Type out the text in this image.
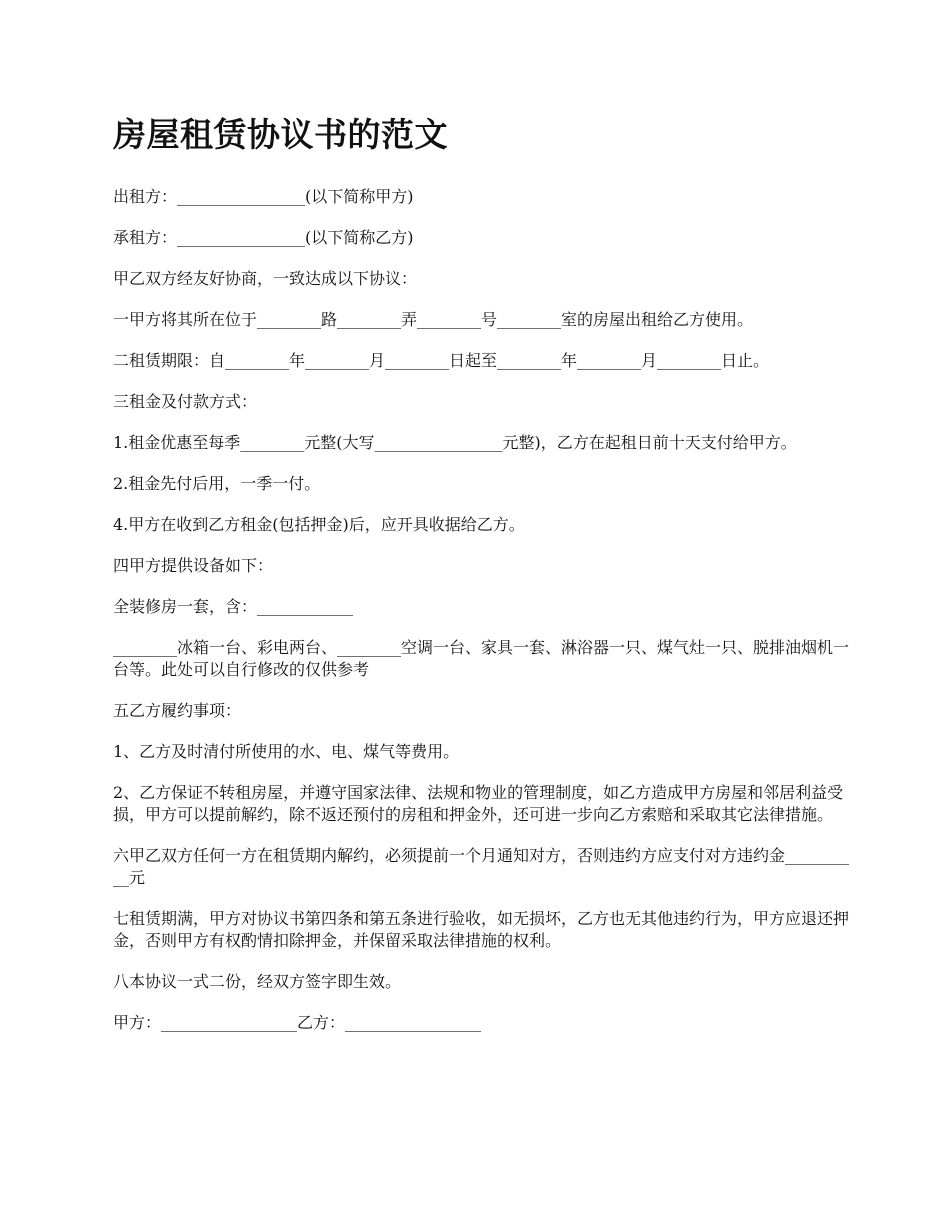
房屋租赁协议书的范文

出租方：________________(以下简称甲方)

承租方：________________(以下简称乙方)

甲乙双方经友好协商，一致达成以下协议：

一甲方将其所在位于________路________弄________号________室的房屋出租给乙方使用。

二租赁期限：自________年________月________日起至________年________月________日止。

三租金及付款方式：

1.租金优惠至每季________元整(大写________________元整)，乙方在起租日前十天支付给甲方。

2.租金先付后用，一季一付。

4.甲方在收到乙方租金(包括押金)后，应开具收据给乙方。

四甲方提供设备如下：

全装修房一套，含：____________

________冰箱一台、彩电两台、________空调一台、家具一套、淋浴器一只、煤气灶一只、脱排油烟机一台等。此处可以自行修改的仅供参考

五乙方履约事项：

1、乙方及时清付所使用的水、电、煤气等费用。

2、乙方保证不转租房屋，并遵守国家法律、法规和物业的管理制度，如乙方造成甲方房屋和邻居利益受损，甲方可以提前解约，除不返还预付的房租和押金外，还可进一步向乙方索赔和采取其它法律措施。

六甲乙双方任何一方在租赁期内解约，必须提前一个月通知对方，否则违约方应支付对方违约金__________元

七租赁期满，甲方对协议书第四条和第五条进行验收，如无损坏，乙方也无其他违约行为，甲方应退还押金，否则甲方有权酌情扣除押金，并保留采取法律措施的权利。

八本协议一式二份，经双方签字即生效。

甲方：_________________乙方：_________________
